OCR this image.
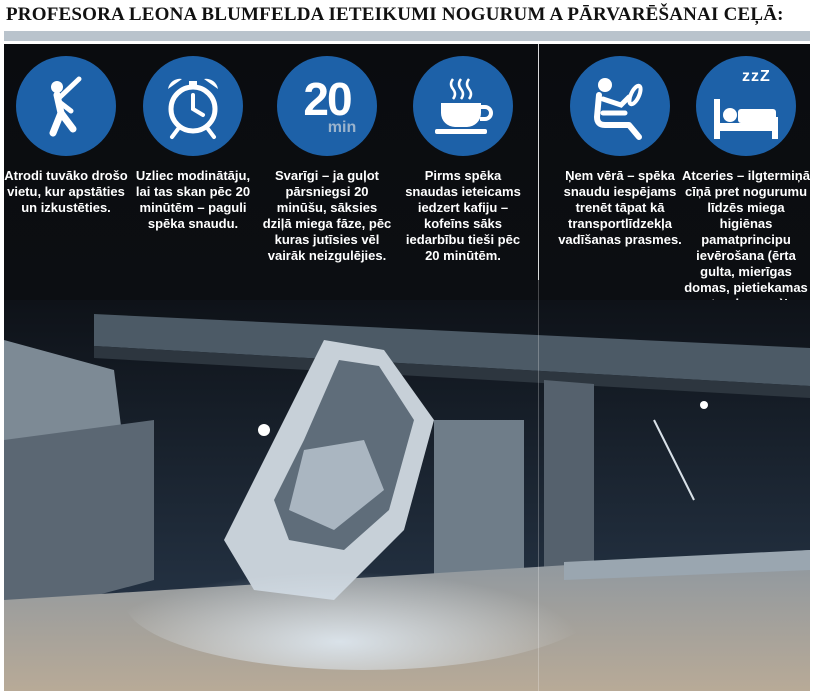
PROFESORA LEONA BLUMFELDA IETEIKUMI NOGURUM A PĀRVARĒŠANAI CEĻĀ:
Atrodi tuvāko drošo vietu, kur apstāties un izkustēties.
Uzliec modinātāju, lai tas skan pēc 20 minūtēm – paguli spēka snaudu.
20
min
Svarīgi – ja guļot pārsniegsi 20 minūšu, sāksies dziļā miega fāze, pēc kuras jutīsies vēl vairāk neizgulējies.
Pirms spēka snaudas ieteicams iedzert kafiju – kofeīns sāks iedarbību tieši pēc 20 minūtēm.
Ņem vērā – spēka snaudu iespējams trenēt tāpat kā transportlīdzekļa vadīšanas prasmes.
zzZ
Atceries – ilgtermiņā cīņā pret nogurumu līdzēs miega higiēnas pamatprincipu ievērošana (ērta gulta, mierīgas domas, pietiekamas
